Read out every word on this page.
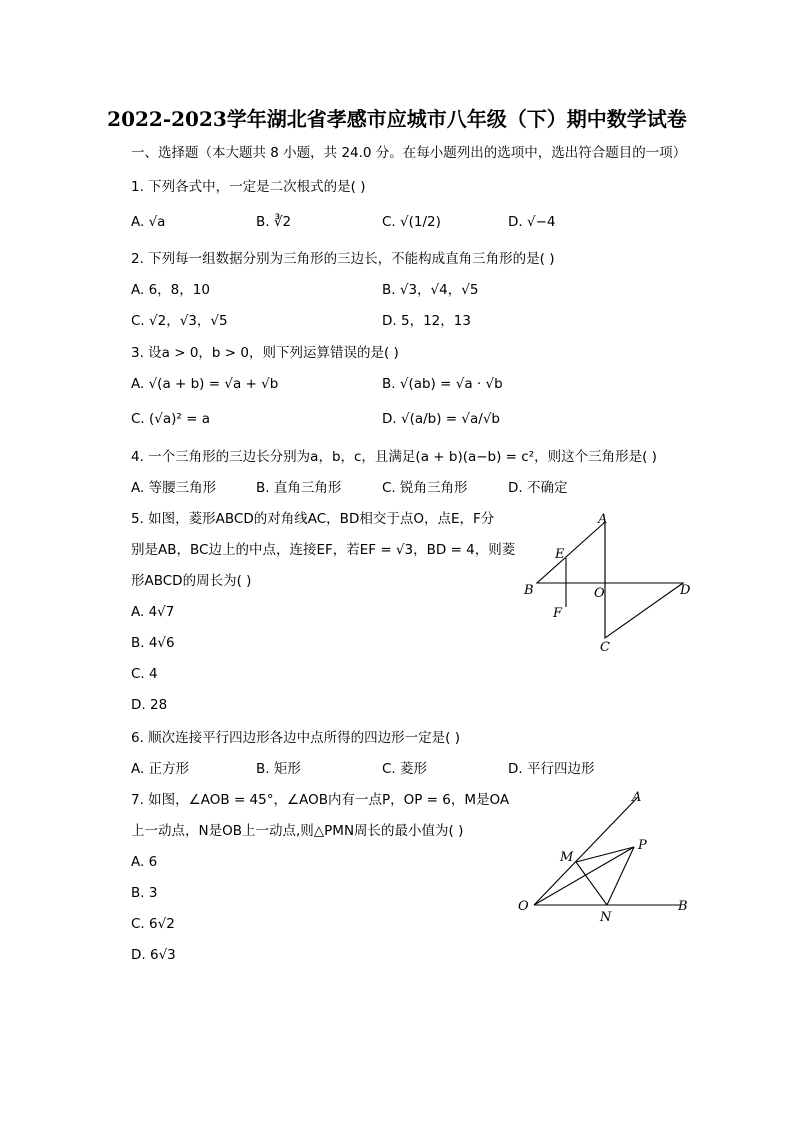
2022-2023学年湖北省孝感市应城市八年级（下）期中数学试卷
一、选择题（本大题共 8 小题，共 24.0 分。在每小题列出的选项中，选出符合题目的一项）
1. 下列各式中，一定是二次根式的是( )
A. √a	B. ∛2	C. √(1/2)	D. √−4
2. 下列每一组数据分别为三角形的三边长，不能构成直角三角形的是( )
A. 6，8，10	B. √3，√4，√5
C. √2，√3，√5	D. 5，12，13
3. 设a > 0，b > 0，则下列运算错误的是( )
A. √(a + b) = √a + √b	B. √(ab) = √a · √b
C. (√a)² = a	D. √(a/b) = √a/√b
4. 一个三角形的三边长分别为a，b，c，且满足(a + b)(a−b) = c²，则这个三角形是( )
A. 等腰三角形	B. 直角三角形	C. 锐角三角形	D. 不确定
5. 如图，菱形ABCD的对角线AC，BD相交于点O，点E，F分
别是AB，BC边上的中点，连接EF，若EF = √3，BD = 4，则菱
形ABCD的周长为( )
A. 4√7
B. 4√6
C. 4
D. 28
A
B
C
D
E
F
O
6. 顺次连接平行四边形各边中点所得的四边形一定是( )
A. 正方形	B. 矩形	C. 菱形	D. 平行四边形
7. 如图，∠AOB = 45°，∠AOB内有一点P，OP = 6，M是OA
上一动点，N是OB上一动点,则△PMN周长的最小值为( )
A. 6
B. 3
C. 6√2
D. 6√3
A
O
M
P
N
B
